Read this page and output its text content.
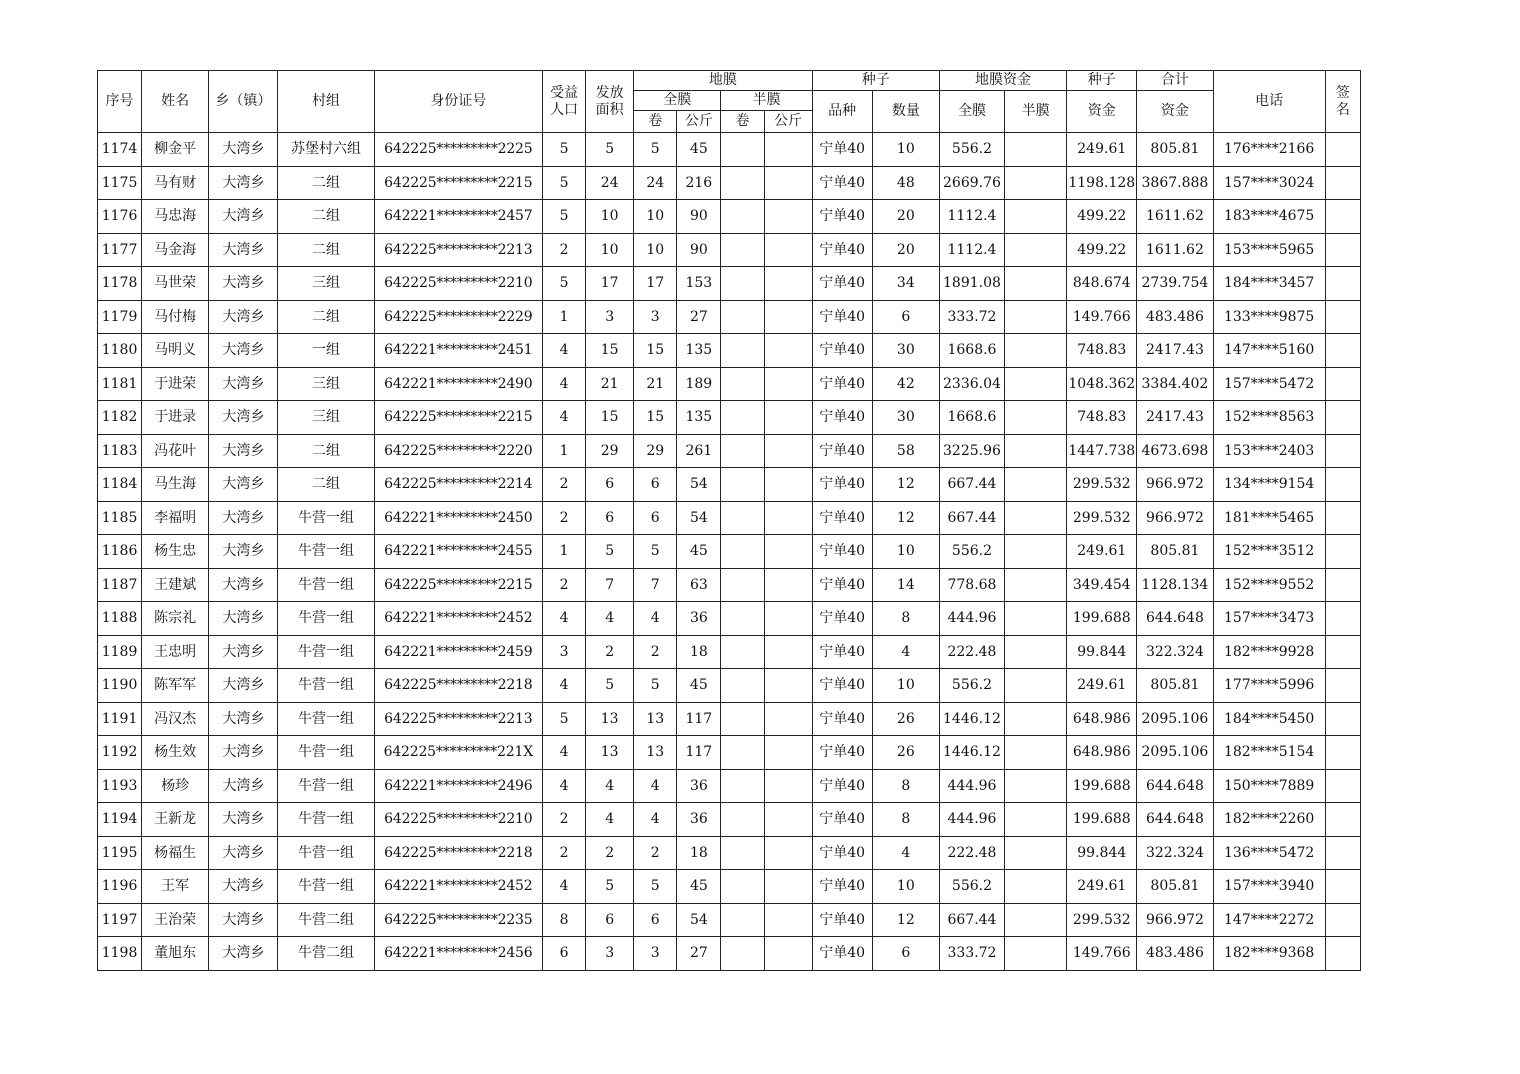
序号	姓名	乡（镇）	村组	身份证号	受益
人口	发放
面积	地膜				种子		地膜资金		种子	合计	电话	签
名
							全膜		半膜		品种	数量	全膜	半膜	资金	资金		
							卷	公斤	卷	公斤								
1174	柳金平	大湾乡	苏堡村六组	642225*********2225	5	5	5	45			宁单40	10	556.2		249.61	805.81	176****2166	
1175	马有财	大湾乡	二组	642225*********2215	5	24	24	216			宁单40	48	2669.76		1198.128	3867.888	157****3024	
1176	马忠海	大湾乡	二组	642221*********2457	5	10	10	90			宁单40	20	1112.4		499.22	1611.62	183****4675	
1177	马金海	大湾乡	二组	642225*********2213	2	10	10	90			宁单40	20	1112.4		499.22	1611.62	153****5965	
1178	马世荣	大湾乡	三组	642225*********2210	5	17	17	153			宁单40	34	1891.08		848.674	2739.754	184****3457	
1179	马付梅	大湾乡	二组	642225*********2229	1	3	3	27			宁单40	6	333.72		149.766	483.486	133****9875	
1180	马明义	大湾乡	一组	642221*********2451	4	15	15	135			宁单40	30	1668.6		748.83	2417.43	147****5160	
1181	于进荣	大湾乡	三组	642221*********2490	4	21	21	189			宁单40	42	2336.04		1048.362	3384.402	157****5472	
1182	于进录	大湾乡	三组	642225*********2215	4	15	15	135			宁单40	30	1668.6		748.83	2417.43	152****8563	
1183	冯花叶	大湾乡	二组	642225*********2220	1	29	29	261			宁单40	58	3225.96		1447.738	4673.698	153****2403	
1184	马生海	大湾乡	二组	642225*********2214	2	6	6	54			宁单40	12	667.44		299.532	966.972	134****9154	
1185	李福明	大湾乡	牛营一组	642221*********2450	2	6	6	54			宁单40	12	667.44		299.532	966.972	181****5465	
1186	杨生忠	大湾乡	牛营一组	642221*********2455	1	5	5	45			宁单40	10	556.2		249.61	805.81	152****3512	
1187	王建斌	大湾乡	牛营一组	642225*********2215	2	7	7	63			宁单40	14	778.68		349.454	1128.134	152****9552	
1188	陈宗礼	大湾乡	牛营一组	642221*********2452	4	4	4	36			宁单40	8	444.96		199.688	644.648	157****3473	
1189	王忠明	大湾乡	牛营一组	642221*********2459	3	2	2	18			宁单40	4	222.48		99.844	322.324	182****9928	
1190	陈军军	大湾乡	牛营一组	642225*********2218	4	5	5	45			宁单40	10	556.2		249.61	805.81	177****5996	
1191	冯汉杰	大湾乡	牛营一组	642225*********2213	5	13	13	117			宁单40	26	1446.12		648.986	2095.106	184****5450	
1192	杨生效	大湾乡	牛营一组	642225*********221X	4	13	13	117			宁单40	26	1446.12		648.986	2095.106	182****5154	
1193	杨珍	大湾乡	牛营一组	642221*********2496	4	4	4	36			宁单40	8	444.96		199.688	644.648	150****7889	
1194	王新龙	大湾乡	牛营一组	642225*********2210	2	4	4	36			宁单40	8	444.96		199.688	644.648	182****2260	
1195	杨福生	大湾乡	牛营一组	642225*********2218	2	2	2	18			宁单40	4	222.48		99.844	322.324	136****5472	
1196	王军	大湾乡	牛营一组	642221*********2452	4	5	5	45			宁单40	10	556.2		249.61	805.81	157****3940	
1197	王治荣	大湾乡	牛营二组	642225*********2235	8	6	6	54			宁单40	12	667.44		299.532	966.972	147****2272	
1198	董旭东	大湾乡	牛营二组	642221*********2456	6	3	3	27			宁单40	6	333.72		149.766	483.486	182****9368	
